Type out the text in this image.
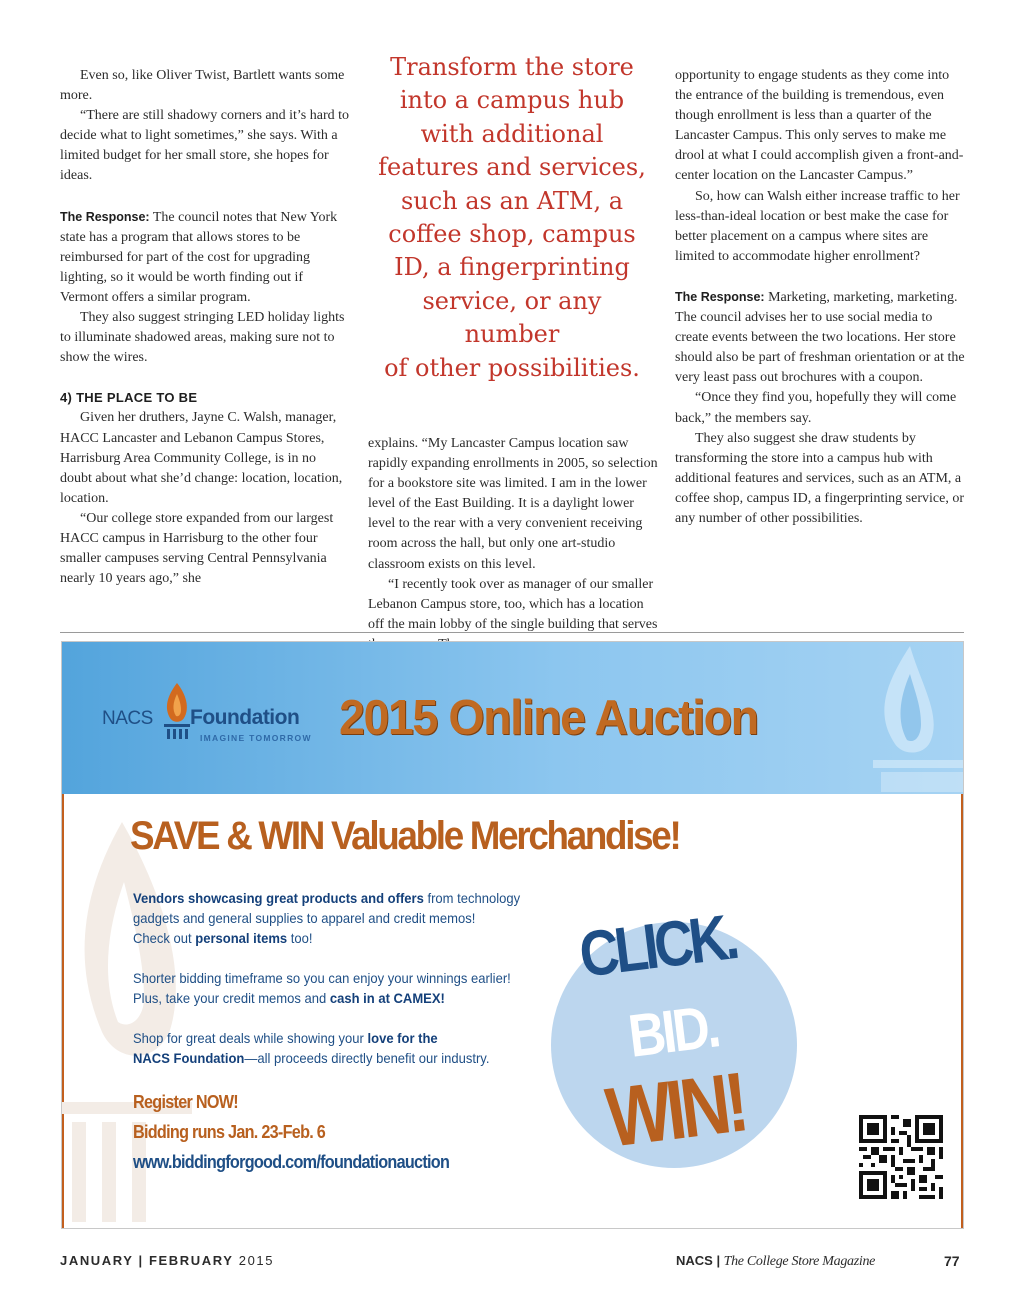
Even so, like Oliver Twist, Bartlett wants some more.

“There are still shadowy corners and it’s hard to decide what to light sometimes,” she says. With a limited budget for her small store, she hopes for ideas.

The Response: The council notes that New York state has a program that allows stores to be reimbursed for part of the cost for upgrading lighting, so it would be worth finding out if Vermont offers a similar program.

They also suggest stringing LED holiday lights to illuminate shadowed areas, making sure not to show the wires.

4) THE PLACE TO BE

Given her druthers, Jayne C. Walsh, manager, HACC Lancaster and Lebanon Campus Stores, Harrisburg Area Community College, is in no doubt about what she’d change: location, location, location.

“Our college store expanded from our largest HACC campus in Harrisburg to the other four smaller campuses serving Central Pennsylvania nearly 10 years ago,” she

Transform the store
into a campus hub
with additional
features and services,
such as an ATM, a
coffee shop, campus
ID, a fingerprinting
service, or any number
of other possibilities.

explains. “My Lancaster Campus location saw rapidly expanding enrollments in 2005, so selection for a bookstore site was limited. I am in the lower level of the East Building. It is a daylight lower level to the rear with a very convenient receiving room across the hall, but only one art-studio classroom exists on this level.

“I recently took over as manager of our smaller Lebanon Campus store, too, which has a location off the main lobby of the single building that serves

opportunity to engage students as they come into the entrance of the building is tremendous, even though enrollment is less than a quarter of the Lancaster Campus. This only serves to make me drool at what I could accomplish given a front-and-center location on the Lancaster Campus.”

So, how can Walsh either increase traffic to her less-than-ideal location or best make the case for better placement on a campus where sites are limited to accommodate higher enrollment?

The Response: Marketing, marketing, marketing. The council advises her to use social media to create events between the two locations. Her store should also be part of freshman orientation or at the very least pass out brochures with a coupon.

“Once they find you, hopefully they will come back,” the members say.

They also suggest she draw students by transforming the store into a campus hub with additional features and services, such as an ATM, a coffee shop, campus ID, a fingerprinting service, or any number of other possibilities.

NACS Foundation
IMAGINE TOMORROW 2015 Online Auction
SAVE & WIN Valuable Merchandise!
Vendors showcasing great products and offers from technology
gadgets and general supplies to apparel and credit memos!
Check out personal items too!
Shorter bidding timeframe so you can enjoy your winnings earlier!
Plus, take your credit memos and cash in at CAMEX!
Shop for great deals while showing your love for the
NACS Foundation—all proceeds directly benefit our industry.
Register NOW!
Bidding runs Jan. 23-Feb. 6
www.biddingforgood.com/foundationauction
CLICK.
BID.
WIN!
JANUARY | FEBRUARY 2015	NACS | The College Store Magazine	77
